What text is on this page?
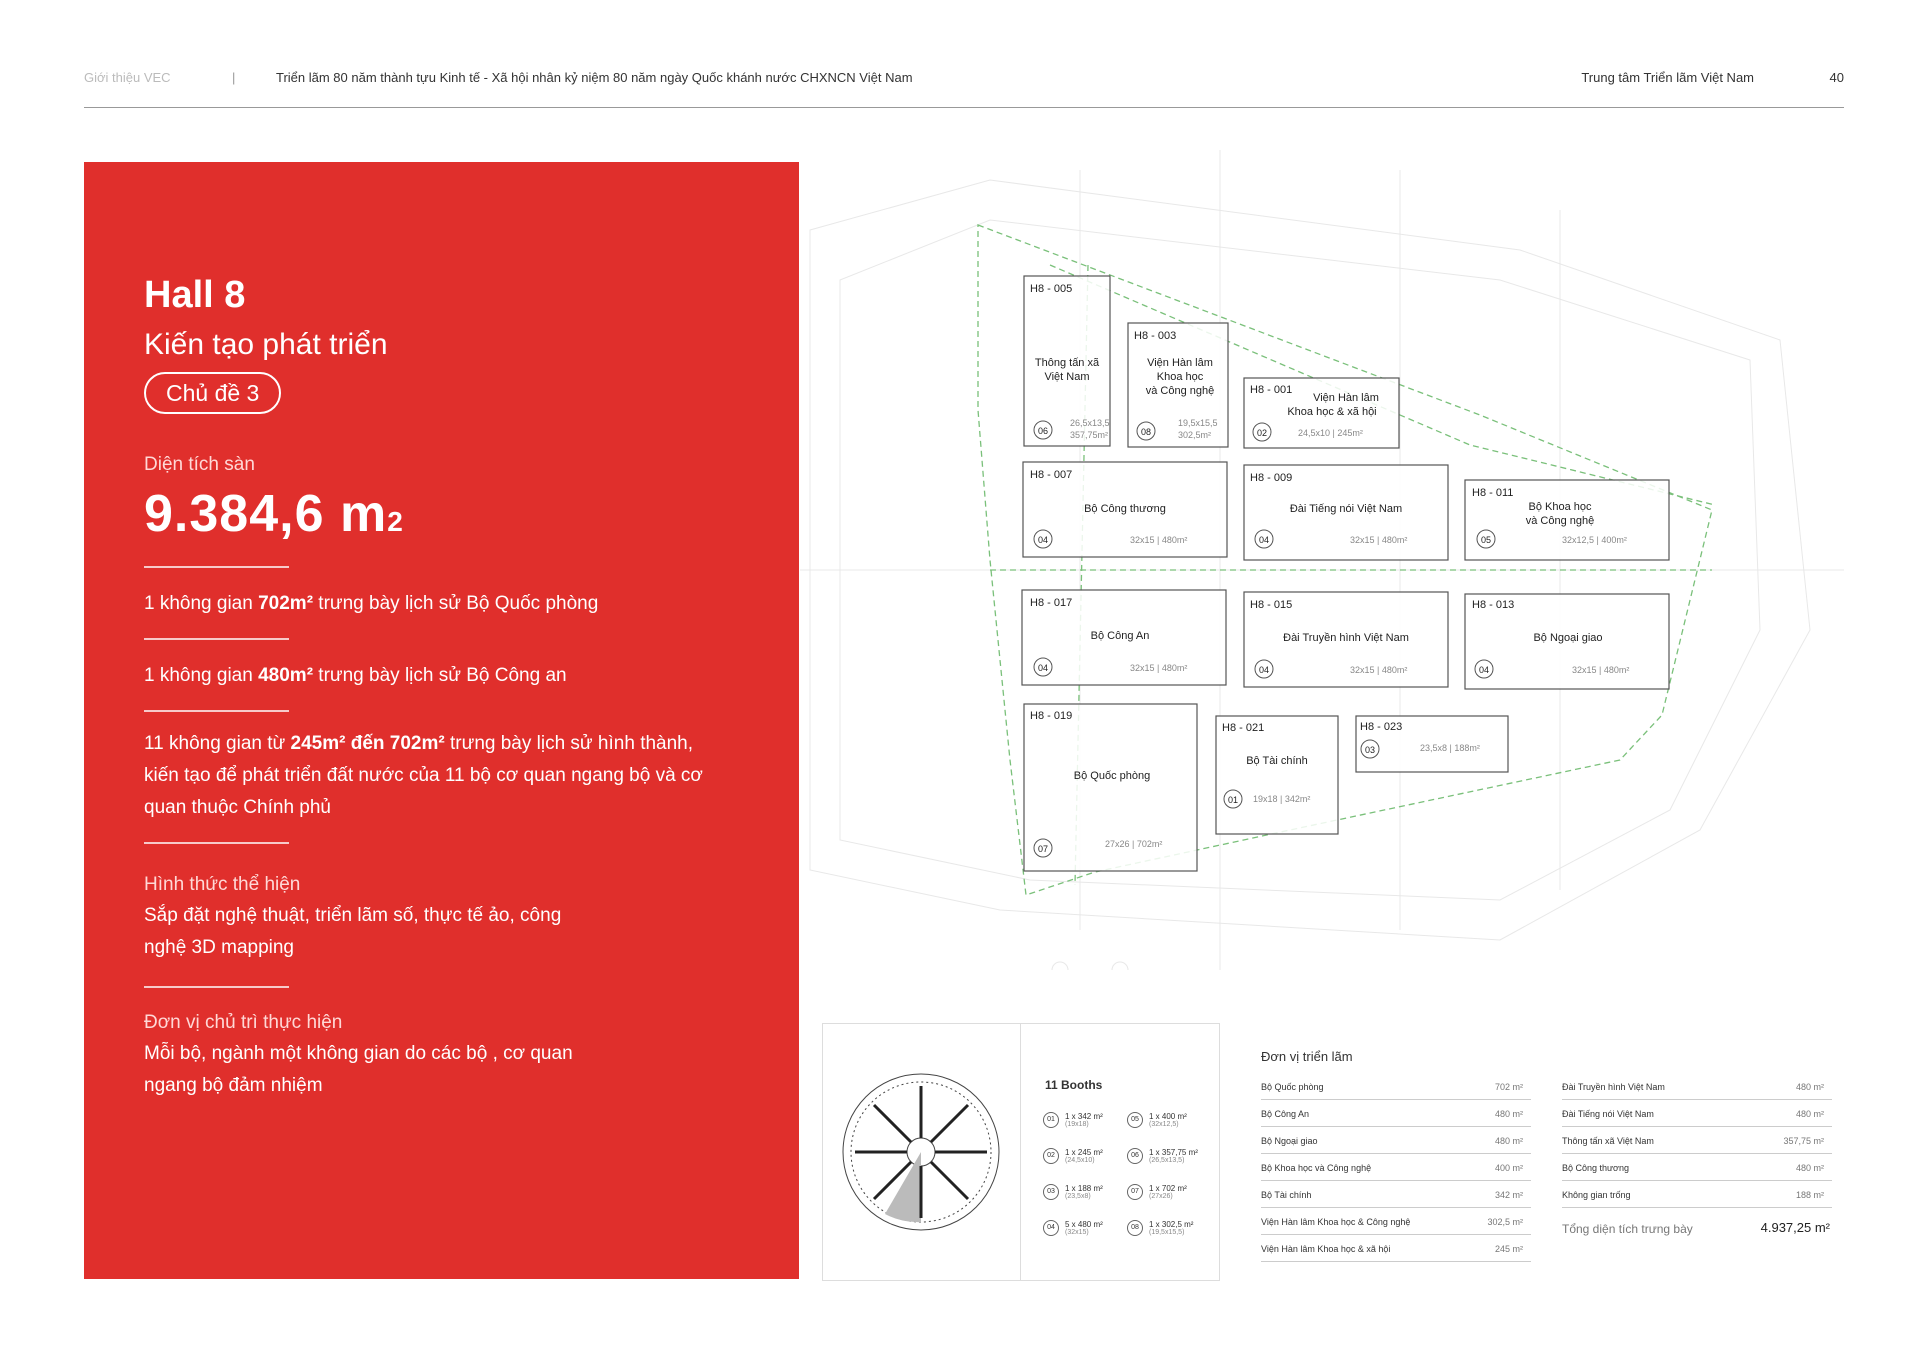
Giới thiệu VEC	|	Triển lãm 80 năm thành tựu Kinh tế - Xã hội nhân kỷ niệm 80 năm ngày Quốc khánh nước CHXNCN Việt Nam	Trung tâm Triển lãm Việt Nam	40
Hall 8
Kiến tạo phát triển
Chủ đề 3
Diện tích sàn
9.384,6 m2
1 không gian 702m² trưng bày lịch sử Bộ Quốc phòng
1 không gian 480m² trưng bày lịch sử Bộ Công an
11 không gian từ 245m² đến 702m² trưng bày lịch sử hình thành, kiến tạo để phát triển đất nước của 11 bộ cơ quan ngang bộ và cơ quan thuộc Chính phủ
Hình thức thể hiện
Sắp đặt nghệ thuật, triển lãm số, thực tế ảo, công nghệ 3D mapping
Đơn vị chủ trì thực hiện
Mỗi bộ, ngành một không gian do các bộ , cơ quan ngang bộ đảm nhiệm
H8 - 005
Thông tấn xã
Việt Nam
06
26,5x13,5
357,75m²
H8 - 003
Viện Hàn lâm
Khoa học
và Công nghệ
08
19,5x15,5
302,5m²
H8 - 001
Viện Hàn lâm
Khoa học & xã hội
02	24,5x10 | 245m²
H8 - 007
Bộ Công thương
04	32x15 | 480m²
H8 - 009
Đài Tiếng nói Việt Nam
04	32x15 | 480m²
H8 - 011
Bộ Khoa học
và Công nghệ
05	32x12,5 | 400m²
H8 - 017
Bộ Công An
04	32x15 | 480m²
H8 - 015
Đài Truyền hình Việt Nam
04	32x15 | 480m²
H8 - 013
Bộ Ngoại giao
04	32x15 | 480m²
H8 - 019
Bộ Quốc phòng
07	27x26 | 702m²
H8 - 021
Bộ Tài chính
01 19x18 | 342m²
H8 - 023
03	23,5x8 | 188m²
11 Booths
01	1 x 342 m²
(19x18)
02	1 x 245 m²
(24,5x10)
03	1 x 188 m²
(23,5x8)
04	5 x 480 m²
(32x15)
05	1 x 400 m²
(32x12,5)
06	1 x 357,75 m²
(26,5x13,5)
07	1 x 702 m²
(27x26)
08	1 x 302,5 m²
(19,5x15,5)
Đơn vị triển lãm
Bộ Quốc phòng	702 m²
Bộ Công An	480 m²
Bộ Ngoại giao	480 m²
Bộ Khoa học và Công nghệ	400 m²
Bộ Tài chính	342 m²
Viện Hàn lâm Khoa học & Công nghệ	302,5 m²
Viện Hàn lâm Khoa học & xã hội	245 m²
Đài Truyền hình Việt Nam	480 m²
Đài Tiếng nói Việt Nam	480 m²
Thông tấn xã Việt Nam	357,75 m²
Bộ Công thương	480 m²
Không gian trống	188 m²
Tổng diện tích trưng bày	4.937,25 m²
